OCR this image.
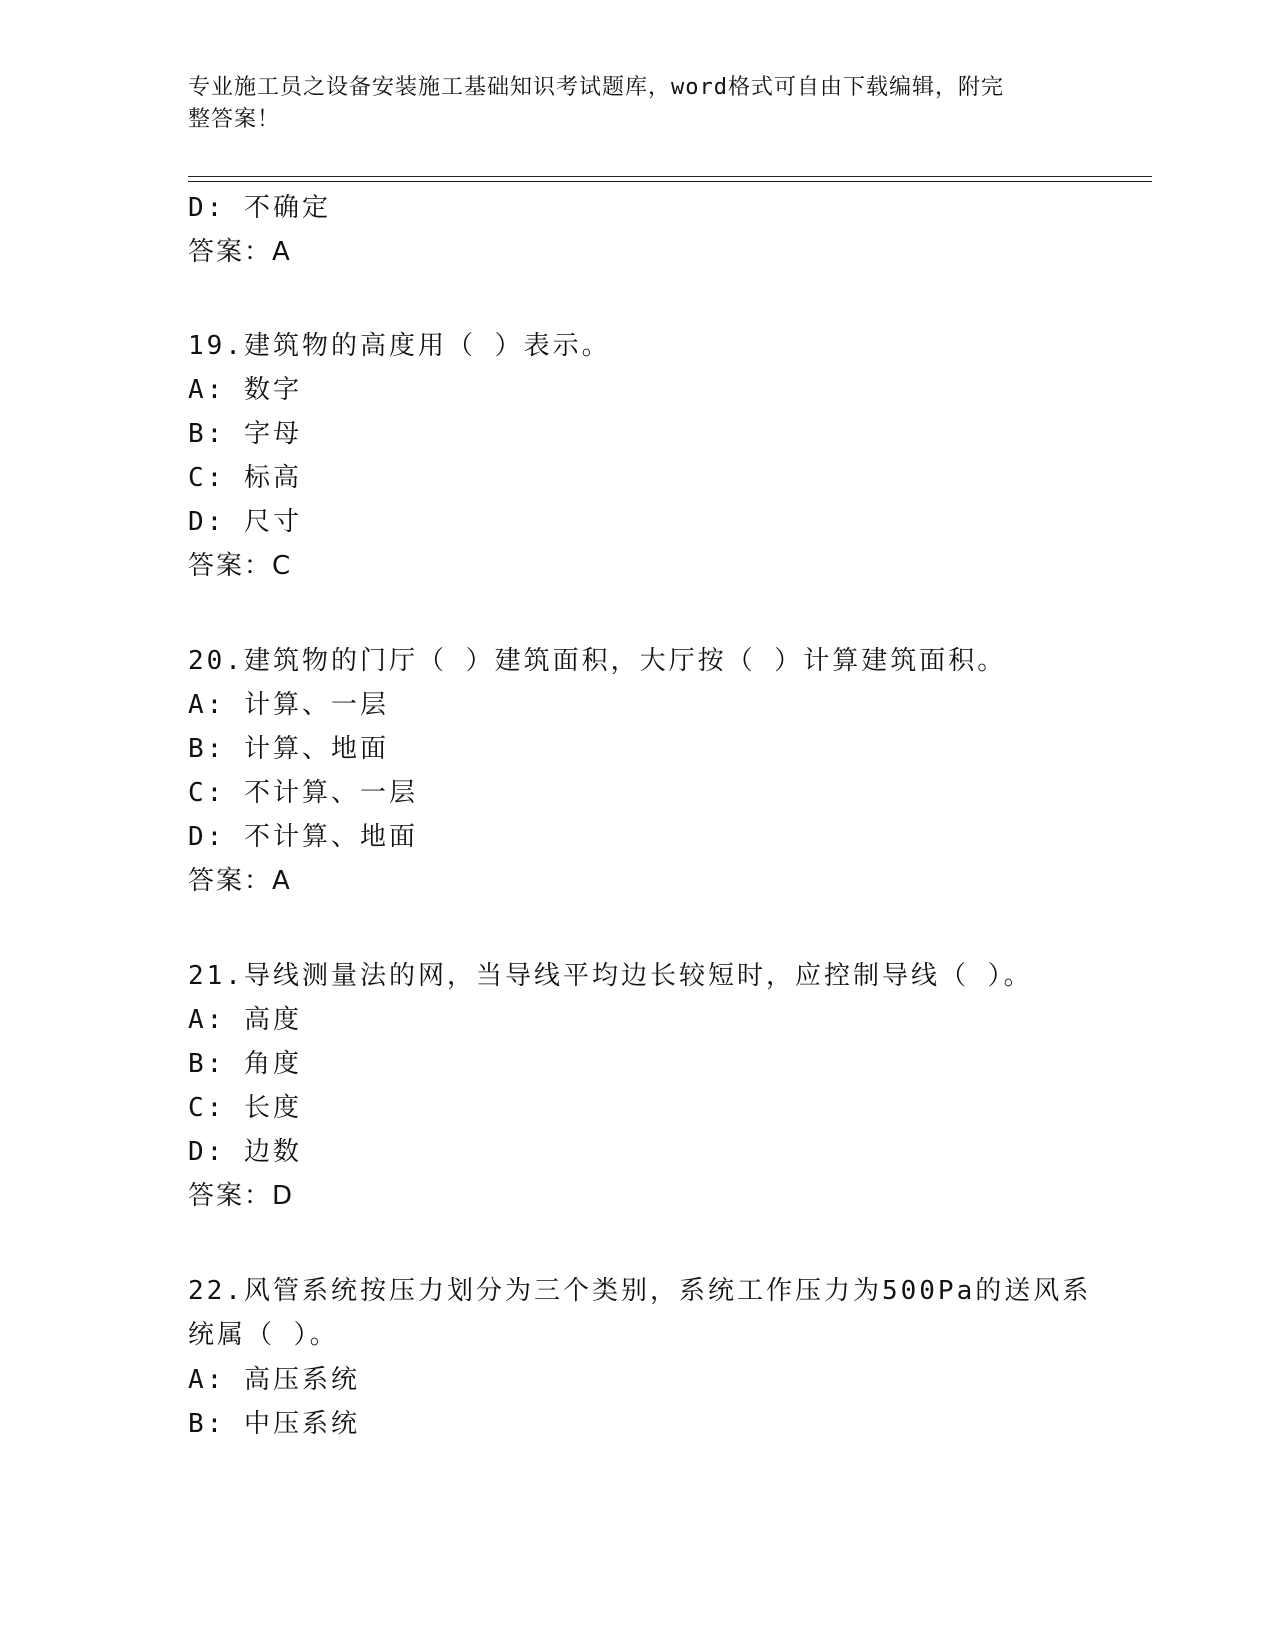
专业施工员之设备安装施工基础知识考试题库，word格式可自由下载编辑，附完
整答案！
D: 不确定
答案：A
19.建筑物的高度用（ ）表示。
A: 数字
B: 字母
C: 标高
D: 尺寸
答案：C
20.建筑物的门厅（ ）建筑面积，大厅按（ ）计算建筑面积。
A: 计算、一层
B: 计算、地面
C: 不计算、一层
D: 不计算、地面
答案：A
21.导线测量法的网，当导线平均边长较短时，应控制导线（ ）。
A: 高度
B: 角度
C: 长度
D: 边数
答案：D
22.风管系统按压力划分为三个类别，系统工作压力为500Pa的送风系
统属（ ）。
A: 高压系统
B: 中压系统
